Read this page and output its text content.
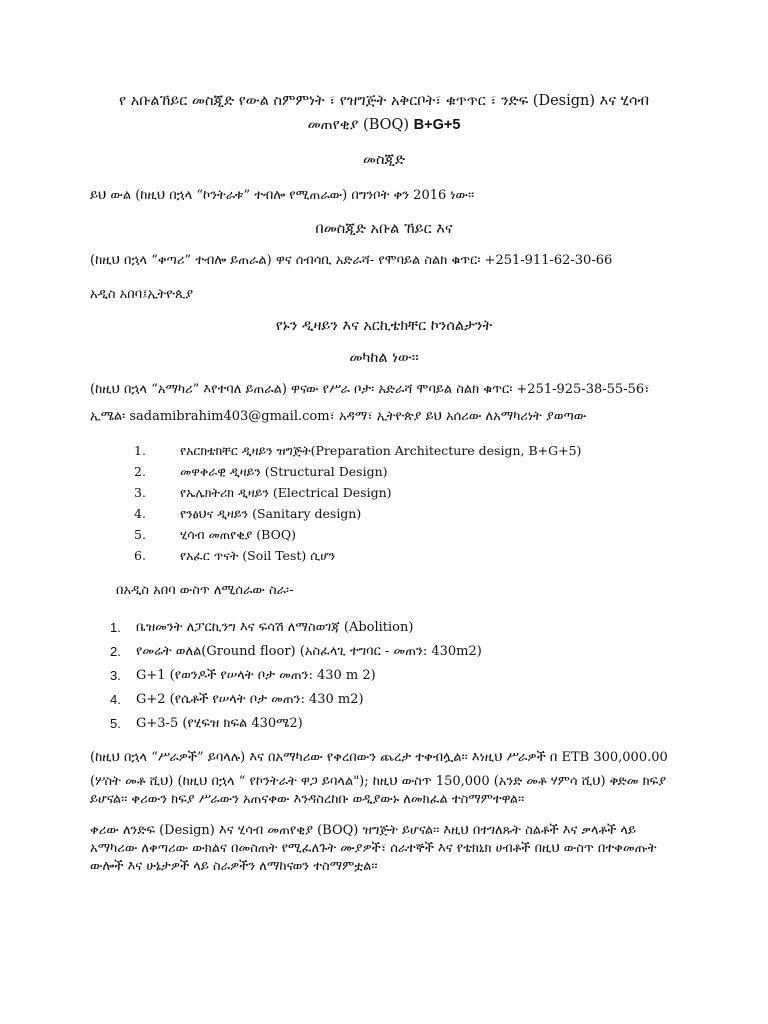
የ አቡልኸይር መስጂድ የውል ስምምነት ፣ የዝግጅት አቅርቦት፣ ቁጥጥር ፣ ንድፍ (Design) እና ሂሳብ
መጠየቂያ (BOQ) B+G+5
መስጂድ
ይህ ውል (ከዚህ በኋላ “ኮንትራቱ” ተብሎ የሚጠራው) በግንቦት ቀን 2016 ነው፡፡
በመስጂድ አቡል ኸይር እና
(ከዚህ በኋላ “ቀጣሪ” ተብሎ ይጠራል) ዋና ሰብሳቢ አድራሻ- የሞባይል ስልክ ቁጥር፡ +251-911-62-30-66
አዲስ አበባ፤ኢትዮጲያ
የኑን ዲዛይን እና አርኪቴክቸር ኮንሰልታንት
መካከል ነው፡፡
(ከዚህ በኋላ “አማካሪ” እየተባለ ይጠራል) ዋናው የሥራ ቦታ፡ አድራሻ ሞባይል ስልክ ቁጥር፡ +251-925-38-55-56፣
ኢሜል፡ sadamibrahim403@gmail.com፣ አዳማ፣ ኢትዮጵያ ይህ አሰሪው ለአማካሪነት ያወጣው
1.	የአርክቴክቸር ዲዛይን ዝግጅት(Preparation Architecture design, B+G+5)
2.	መዋቅራዊ ዲዛይን (Structural Design)
3.	የኤሌክትሪክ ዲዛይን (Electrical Design)
4.	የንፅህና ዲዛይን (Sanitary design)
5.	ሂሳብ መጠየቂያ (BOQ)
6.	የአፈር ጥናት (Soil Test) ሲሆን
በአዲስ አበባ ውስጥ ለሚሰራው ስራ፡-
1. ቤዝመንት ለፓርኪንግ እና ፍሳሽ ለማስወገጃ (Abolition)
2. የመሬት ወለል(Ground floor) (አስፈላጊ ተግባር - መጠን: 430m2)
3. G+1 (የወንዶች የሠላት ቦታ መጠን: 430 m 2)
4. G+2 (የሴቶች የሠላት ቦታ መጠን: 430 m2)
5. G+3-5 (የሂፍዝ ክፍል 430ሜ2)
(ከዚህ በኋላ “ሥራዎች” ይባላሉ) እና በአማካሪው የቀረበውን ጨረታ ተቀብሏል፡፡ እነዚህ ሥራዎች በ ETB 300,000.00
(ሦስት መቶ ሺህ) (ከዚህ በኋላ “ የኮንትራት ዋጋ ይባላል"); ከዚህ ውስጥ 150,000 (አንድ መቶ ሃምሳ ሺህ) ቅድመ ክፍያ
ይሆናል፡፡ ቀሪውን ክፍያ ሥራውን አጠናቀው እንዳስረከቡ ወዲያውኑ ለመክፈል ተስማምተዋል፡፡
ቀሪው ለንድፍ (Design) እና ሂሳብ መጠየቂያ (BOQ) ዝግጅት ይሆናል፡፡ እዚህ በተገለጹት ስልቶች እና ቃላቶች ላይ
አማካሪው ለቀጣሪው ውክልና በመስጠት የሚፈለጉት ሙያዎች፣ ሰራተኞች እና የቴክኒክ ሀብቶች በዚህ ውስጥ በተቀመጡት
ውሎች እና ሁኔታዎች ላይ ስራዎችን ለማከናወን ተስማምቷል፡፡
